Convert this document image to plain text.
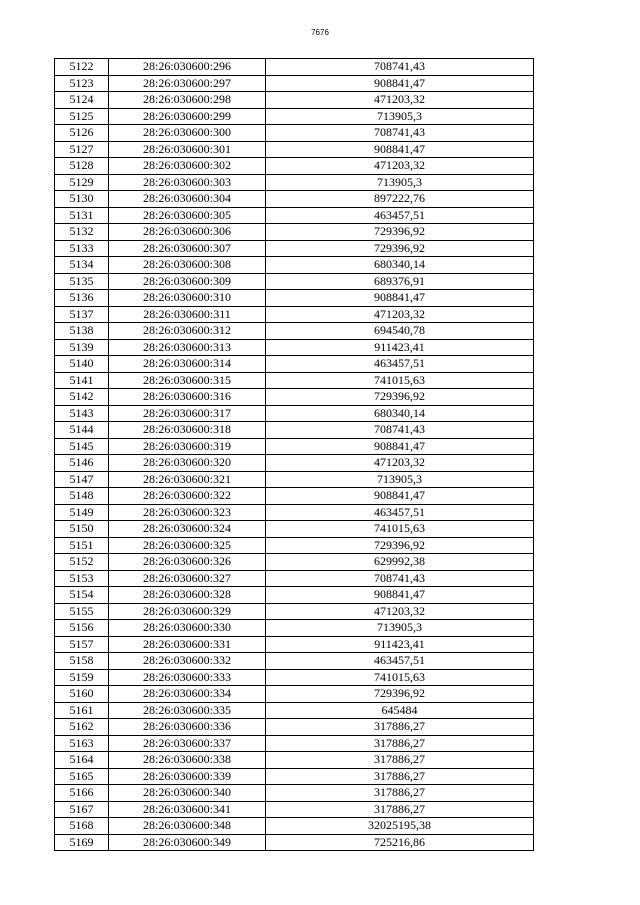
7676
5122	28:26:030600:296	708741,43
5123	28:26:030600:297	908841,47
5124	28:26:030600:298	471203,32
5125	28:26:030600:299	713905,3
5126	28:26:030600:300	708741,43
5127	28:26:030600:301	908841,47
5128	28:26:030600:302	471203,32
5129	28:26:030600:303	713905,3
5130	28:26:030600:304	897222,76
5131	28:26:030600:305	463457,51
5132	28:26:030600:306	729396,92
5133	28:26:030600:307	729396,92
5134	28:26:030600:308	680340,14
5135	28:26:030600:309	689376,91
5136	28:26:030600:310	908841,47
5137	28:26:030600:311	471203,32
5138	28:26:030600:312	694540,78
5139	28:26:030600:313	911423,41
5140	28:26:030600:314	463457,51
5141	28:26:030600:315	741015,63
5142	28:26:030600:316	729396,92
5143	28:26:030600:317	680340,14
5144	28:26:030600:318	708741,43
5145	28:26:030600:319	908841,47
5146	28:26:030600:320	471203,32
5147	28:26:030600:321	713905,3
5148	28:26:030600:322	908841,47
5149	28:26:030600:323	463457,51
5150	28:26:030600:324	741015,63
5151	28:26:030600:325	729396,92
5152	28:26:030600:326	629992,38
5153	28:26:030600:327	708741,43
5154	28:26:030600:328	908841,47
5155	28:26:030600:329	471203,32
5156	28:26:030600:330	713905,3
5157	28:26:030600:331	911423,41
5158	28:26:030600:332	463457,51
5159	28:26:030600:333	741015,63
5160	28:26:030600:334	729396,92
5161	28:26:030600:335	645484
5162	28:26:030600:336	317886,27
5163	28:26:030600:337	317886,27
5164	28:26:030600:338	317886,27
5165	28:26:030600:339	317886,27
5166	28:26:030600:340	317886,27
5167	28:26:030600:341	317886,27
5168	28:26:030600:348	32025195,38
5169	28:26:030600:349	725216,86
